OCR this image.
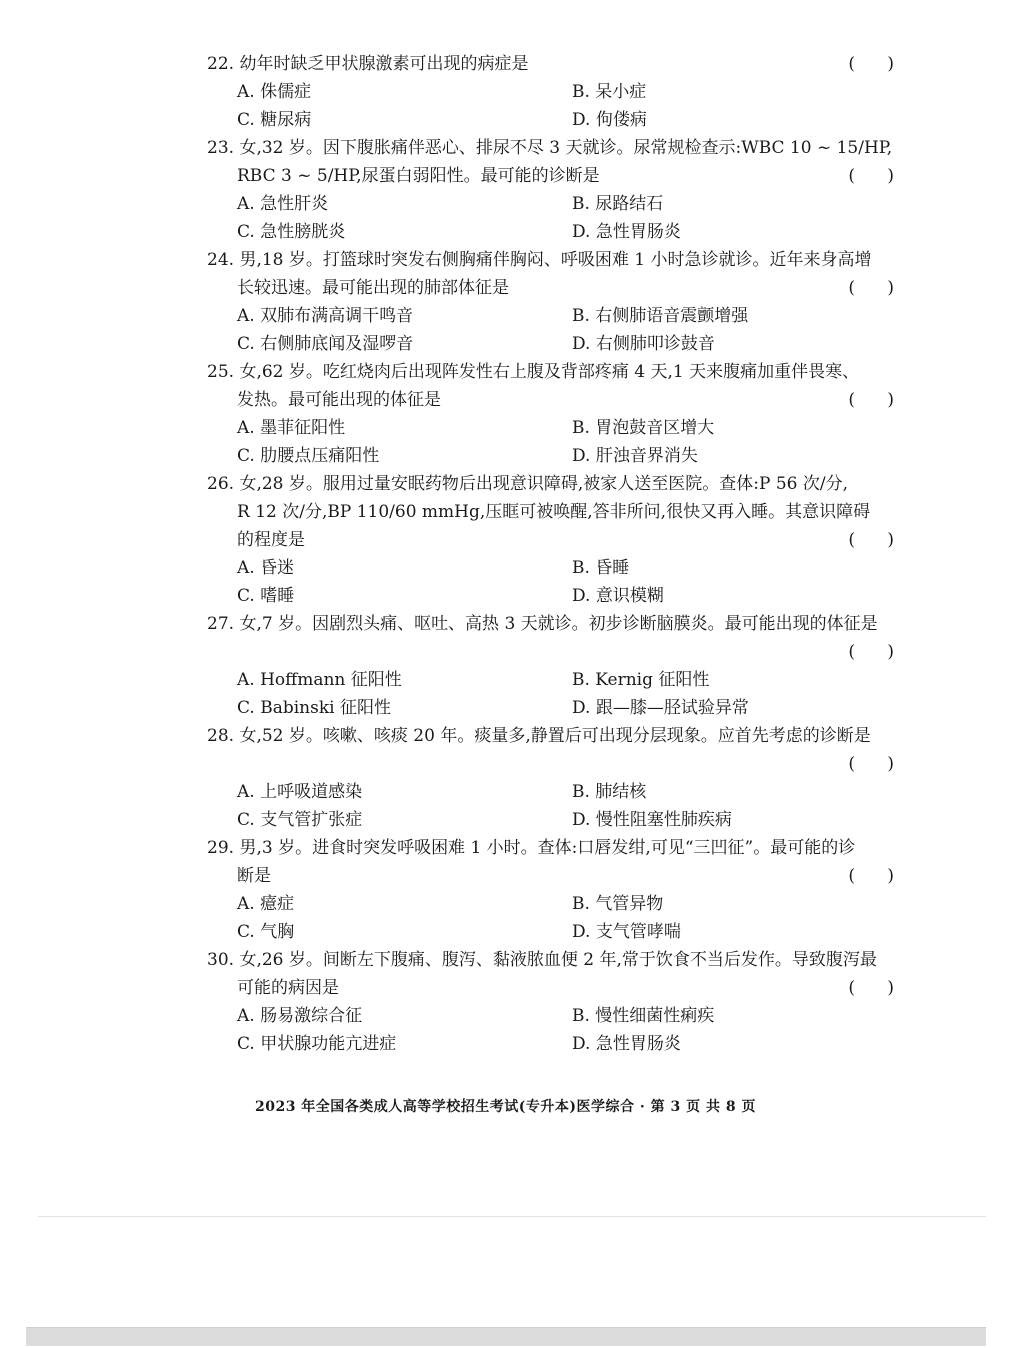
22. 幼年时缺乏甲状腺激素可出现的病症是	(      )
A. 侏儒症	B. 呆小症
C. 糖尿病	D. 佝偻病
23. 女,32 岁。因下腹胀痛伴恶心、排尿不尽 3 天就诊。尿常规检查示:WBC 10 ~ 15/HP,
RBC 3 ~ 5/HP,尿蛋白弱阳性。最可能的诊断是	(      )
A. 急性肝炎	B. 尿路结石
C. 急性膀胱炎	D. 急性胃肠炎
24. 男,18 岁。打篮球时突发右侧胸痛伴胸闷、呼吸困难 1 小时急诊就诊。近年来身高增
长较迅速。最可能出现的肺部体征是	(      )
A. 双肺布满高调干鸣音	B. 右侧肺语音震颤增强
C. 右侧肺底闻及湿啰音	D. 右侧肺叩诊鼓音
25. 女,62 岁。吃红烧肉后出现阵发性右上腹及背部疼痛 4 天,1 天来腹痛加重伴畏寒、
发热。最可能出现的体征是	(      )
A. 墨菲征阳性	B. 胃泡鼓音区增大
C. 肋腰点压痛阳性	D. 肝浊音界消失
26. 女,28 岁。服用过量安眠药物后出现意识障碍,被家人送至医院。查体:P 56 次/分,
R 12 次/分,BP 110/60 mmHg,压眶可被唤醒,答非所问,很快又再入睡。其意识障碍
的程度是	(      )
A. 昏迷	B. 昏睡
C. 嗜睡	D. 意识模糊
27. 女,7 岁。因剧烈头痛、呕吐、高热 3 天就诊。初步诊断脑膜炎。最可能出现的体征是
(      )
A. Hoffmann 征阳性	B. Kernig 征阳性
C. Babinski 征阳性	D. 跟—膝—胫试验异常
28. 女,52 岁。咳嗽、咳痰 20 年。痰量多,静置后可出现分层现象。应首先考虑的诊断是
(      )
A. 上呼吸道感染	B. 肺结核
C. 支气管扩张症	D. 慢性阻塞性肺疾病
29. 男,3 岁。进食时突发呼吸困难 1 小时。查体:口唇发绀,可见“三凹征”。最可能的诊
断是	(      )
A. 癔症	B. 气管异物
C. 气胸	D. 支气管哮喘
30. 女,26 岁。间断左下腹痛、腹泻、黏液脓血便 2 年,常于饮食不当后发作。导致腹泻最
可能的病因是	(      )
A. 肠易激综合征	B. 慢性细菌性痢疾
C. 甲状腺功能亢进症	D. 急性胃肠炎
2023 年全国各类成人高等学校招生考试(专升本)医学综合 · 第 3 页 共 8 页
